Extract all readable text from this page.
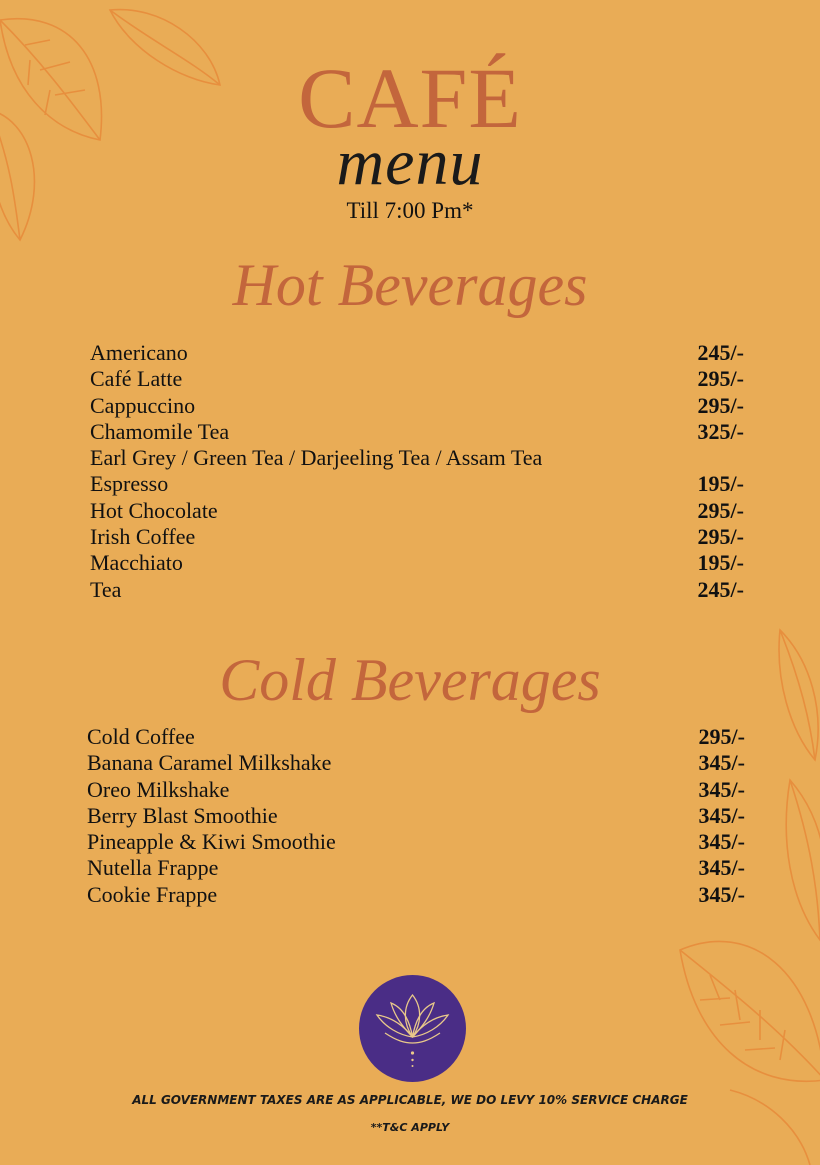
CAFÉ
menu
Till 7:00 Pm*
Hot Beverages
Americano	245/-
Café Latte	295/-
Cappuccino	295/-
Chamomile Tea	325/-
Earl Grey / Green Tea / Darjeeling Tea / Assam Tea
Espresso	195/-
Hot Chocolate	295/-
Irish Coffee	295/-
Macchiato	195/-
Tea	245/-
Cold Beverages
Cold Coffee	295/-
Banana Caramel Milkshake	345/-
Oreo Milkshake	345/-
Berry Blast Smoothie	345/-
Pineapple & Kiwi Smoothie	345/-
Nutella Frappe	345/-
Cookie Frappe	345/-
ALL GOVERNMENT TAXES ARE AS APPLICABLE, WE DO LEVY 10% SERVICE CHARGE
**T&C APPLY
